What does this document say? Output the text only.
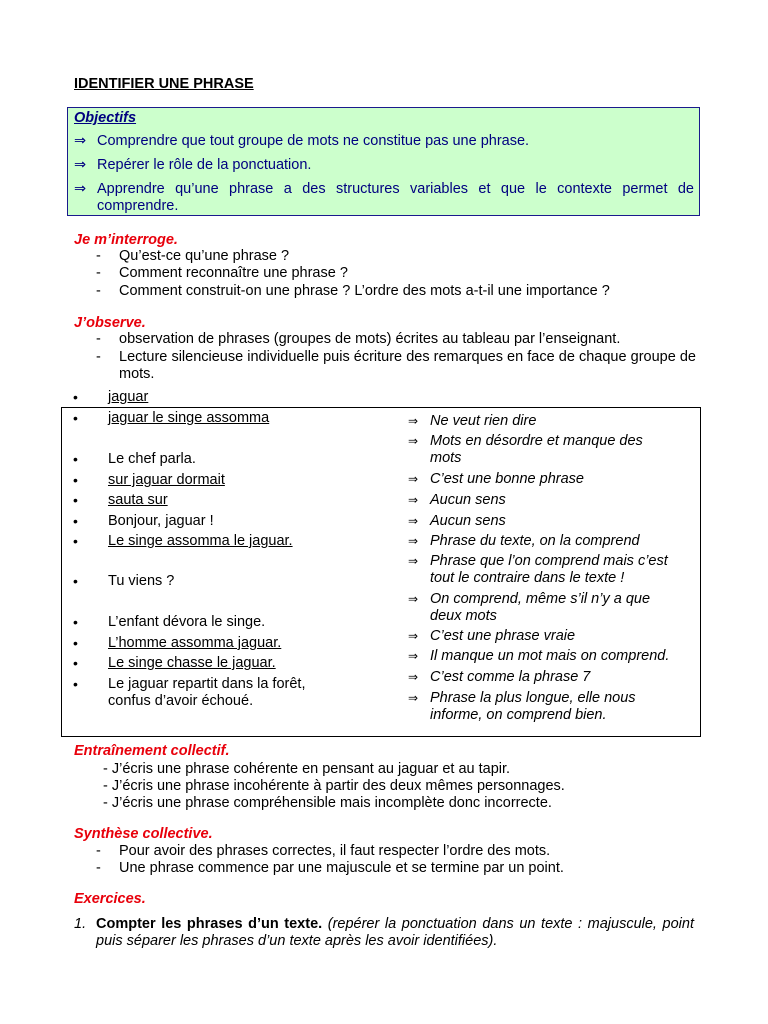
IDENTIFIER UNE PHRASE
Objectifs
⇒ Comprendre que tout groupe de mots ne constitue pas une phrase.
⇒ Repérer le rôle de la ponctuation.
⇒ Apprendre qu’une phrase a des structures variables et que le contexte permet de comprendre.
Je m’interroge.
- Qu’est-ce qu’une phrase ?
- Comment reconnaître une phrase ?
- Comment construit-on une phrase ? L’ordre des mots a-t-il une importance ?
J’observe.
- observation de phrases (groupes de mots) écrites au tableau par l’enseignant.
- Lecture silencieuse individuelle puis écriture des remarques en face de chaque groupe de mots.
• jaguar
• jaguar le singe assomma
• Le chef parla.
• sur jaguar dormait
• sauta sur
• Bonjour, jaguar !
• Le singe assomma le jaguar.
• Tu viens ?
• L’enfant dévora le singe.
• L’homme assomma jaguar.
• Le singe chasse le jaguar.
• Le jaguar repartit dans la forêt, confus d’avoir échoué.
⇒ Ne veut rien dire
⇒ Mots en désordre et manque des mots
⇒ C’est une bonne phrase
⇒ Aucun sens
⇒ Aucun sens
⇒ Phrase du texte, on la comprend
⇒ Phrase que l’on comprend mais c’est tout le contraire dans le texte !
⇒ On comprend, même s’il n’y a que deux mots
⇒ C’est une phrase vraie
⇒ Il manque un mot mais on comprend.
⇒ C’est comme la phrase 7
⇒ Phrase la plus longue, elle nous informe, on comprend bien.
Entraînement collectif.
- J’écris une phrase cohérente en pensant au jaguar et au tapir.
- J’écris une phrase incohérente à partir des deux mêmes personnages.
- J’écris une phrase compréhensible mais incomplète donc incorrecte.
Synthèse collective.
- Pour avoir des phrases correctes, il faut respecter l’ordre des mots.
- Une phrase commence par une majuscule et se termine par un point.
Exercices.
1. Compter les phrases d’un texte. (repérer la ponctuation dans un texte : majuscule, point puis séparer les phrases d’un texte après les avoir identifiées).
